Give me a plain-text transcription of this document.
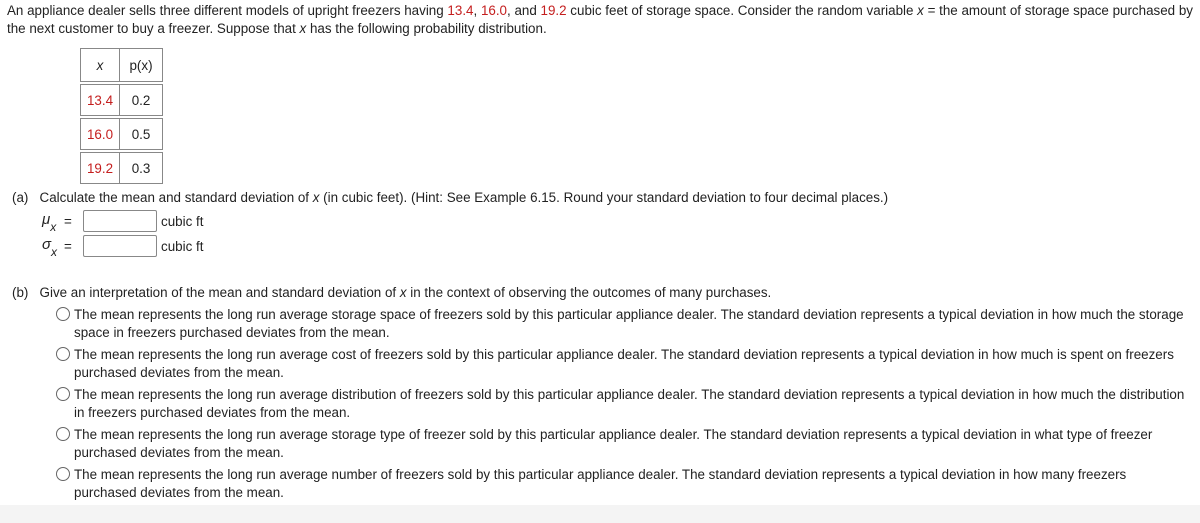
An appliance dealer sells three different models of upright freezers having 13.4, 16.0, and 19.2 cubic feet of storage space. Consider the random variable x = the amount of storage space purchased by the next customer to buy a freezer. Suppose that x has the following probability distribution.
x	p(x)

13.4	0.2

16.0	0.5

19.2	0.3
(a) Calculate the mean and standard deviation of x (in cubic feet). (Hint: See Example 6.15. Round your standard deviation to four decimal places.)
$\mu_x$ =	cubic ft
$\sigma_x$ =	cubic ft
(b) Give an interpretation of the mean and standard deviation of x in the context of observing the outcomes of many purchases.
The mean represents the long run average storage space of freezers sold by this particular appliance dealer. The standard deviation represents a typical deviation in how much the storage space in freezers purchased deviates from the mean.
The mean represents the long run average cost of freezers sold by this particular appliance dealer. The standard deviation represents a typical deviation in how much is spent on freezers purchased deviates from the mean.
The mean represents the long run average distribution of freezers sold by this particular appliance dealer. The standard deviation represents a typical deviation in how much the distribution in freezers purchased deviates from the mean.
The mean represents the long run average storage type of freezer sold by this particular appliance dealer. The standard deviation represents a typical deviation in what type of freezer purchased deviates from the mean.
The mean represents the long run average number of freezers sold by this particular appliance dealer. The standard deviation represents a typical deviation in how many freezers purchased deviates from the mean.
